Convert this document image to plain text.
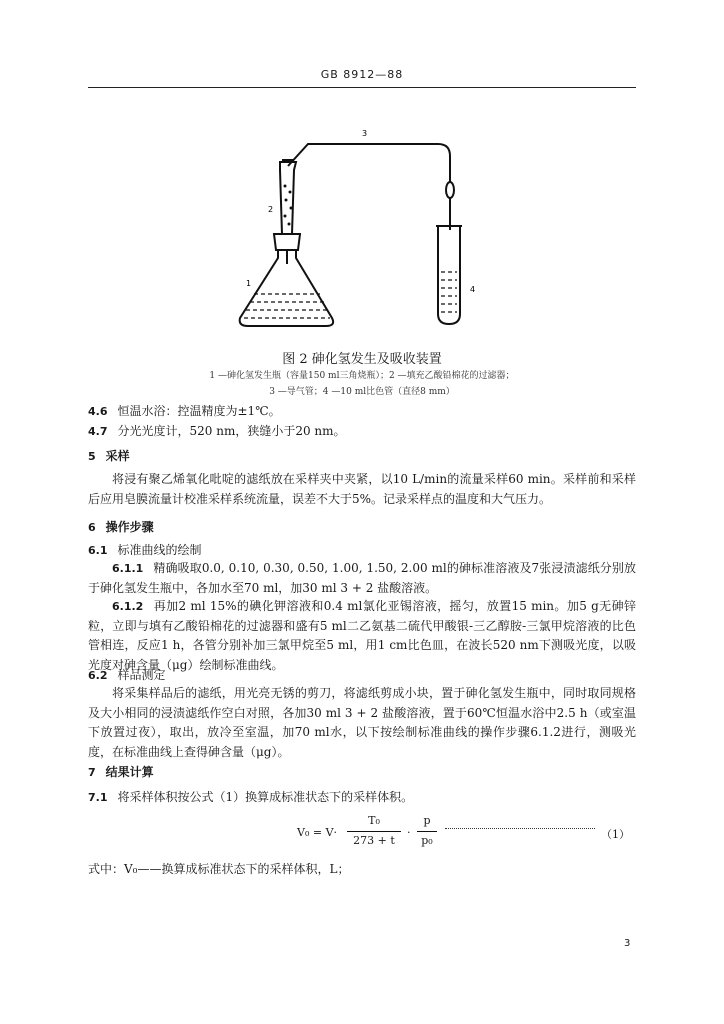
GB 8912—88
1
2
3
4
图 2 砷化氢发生及吸收装置
1 —砷化氢发生瓶（容量150 ml三角烧瓶）；2 —填充乙酸铅棉花的过滤器；
3 —导气管；4 —10 ml比色管（直径8 mm）
4.6 恒温水浴：控温精度为±1℃。
4.7 分光光度计，520 nm，狭缝小于20 nm。
5 采样
将浸有聚乙烯氧化吡啶的滤纸放在采样夹中夹紧，以10 L/min的流量采样60 min。采样前和采样后应用皂膜流量计校准采样系统流量，误差不大于5%。记录采样点的温度和大气压力。
6 操作步骤
6.1 标准曲线的绘制
6.1.1 精确吸取0.0, 0.10, 0.30, 0.50, 1.00, 1.50, 2.00 ml的砷标准溶液及7张浸渍滤纸分别放于砷化氢发生瓶中，各加水至70 ml，加30 ml 3 + 2 盐酸溶液。
6.1.2 再加2 ml 15%的碘化钾溶液和0.4 ml氯化亚锡溶液，摇匀，放置15 min。加5 g无砷锌粒，立即与填有乙酸铅棉花的过滤器和盛有5 ml二乙氨基二硫代甲酸银-三乙醇胺-三氯甲烷溶液的比色管相连，反应1 h，各管分别补加三氯甲烷至5 ml，用1 cm比色皿，在波长520 nm下测吸光度，以吸光度对砷含量（μg）绘制标准曲线。
6.2 样品测定
将采集样品后的滤纸，用光亮无锈的剪刀，将滤纸剪成小块，置于砷化氢发生瓶中，同时取同规格及大小相同的浸渍滤纸作空白对照，各加30 ml 3 + 2 盐酸溶液，置于60℃恒温水浴中2.5 h（或室温下放置过夜），取出，放冷至室温，加70 ml水，以下按绘制标准曲线的操作步骤6.1.2进行，测吸光度，在标准曲线上查得砷含量（μg）。
7 结果计算
7.1 将采样体积按公式（1）换算成标准状态下的采样体积。
V₀ = V·
T₀
273 + t
·
p
p₀	（1）
式中：V₀——换算成标准状态下的采样体积，L；
3
